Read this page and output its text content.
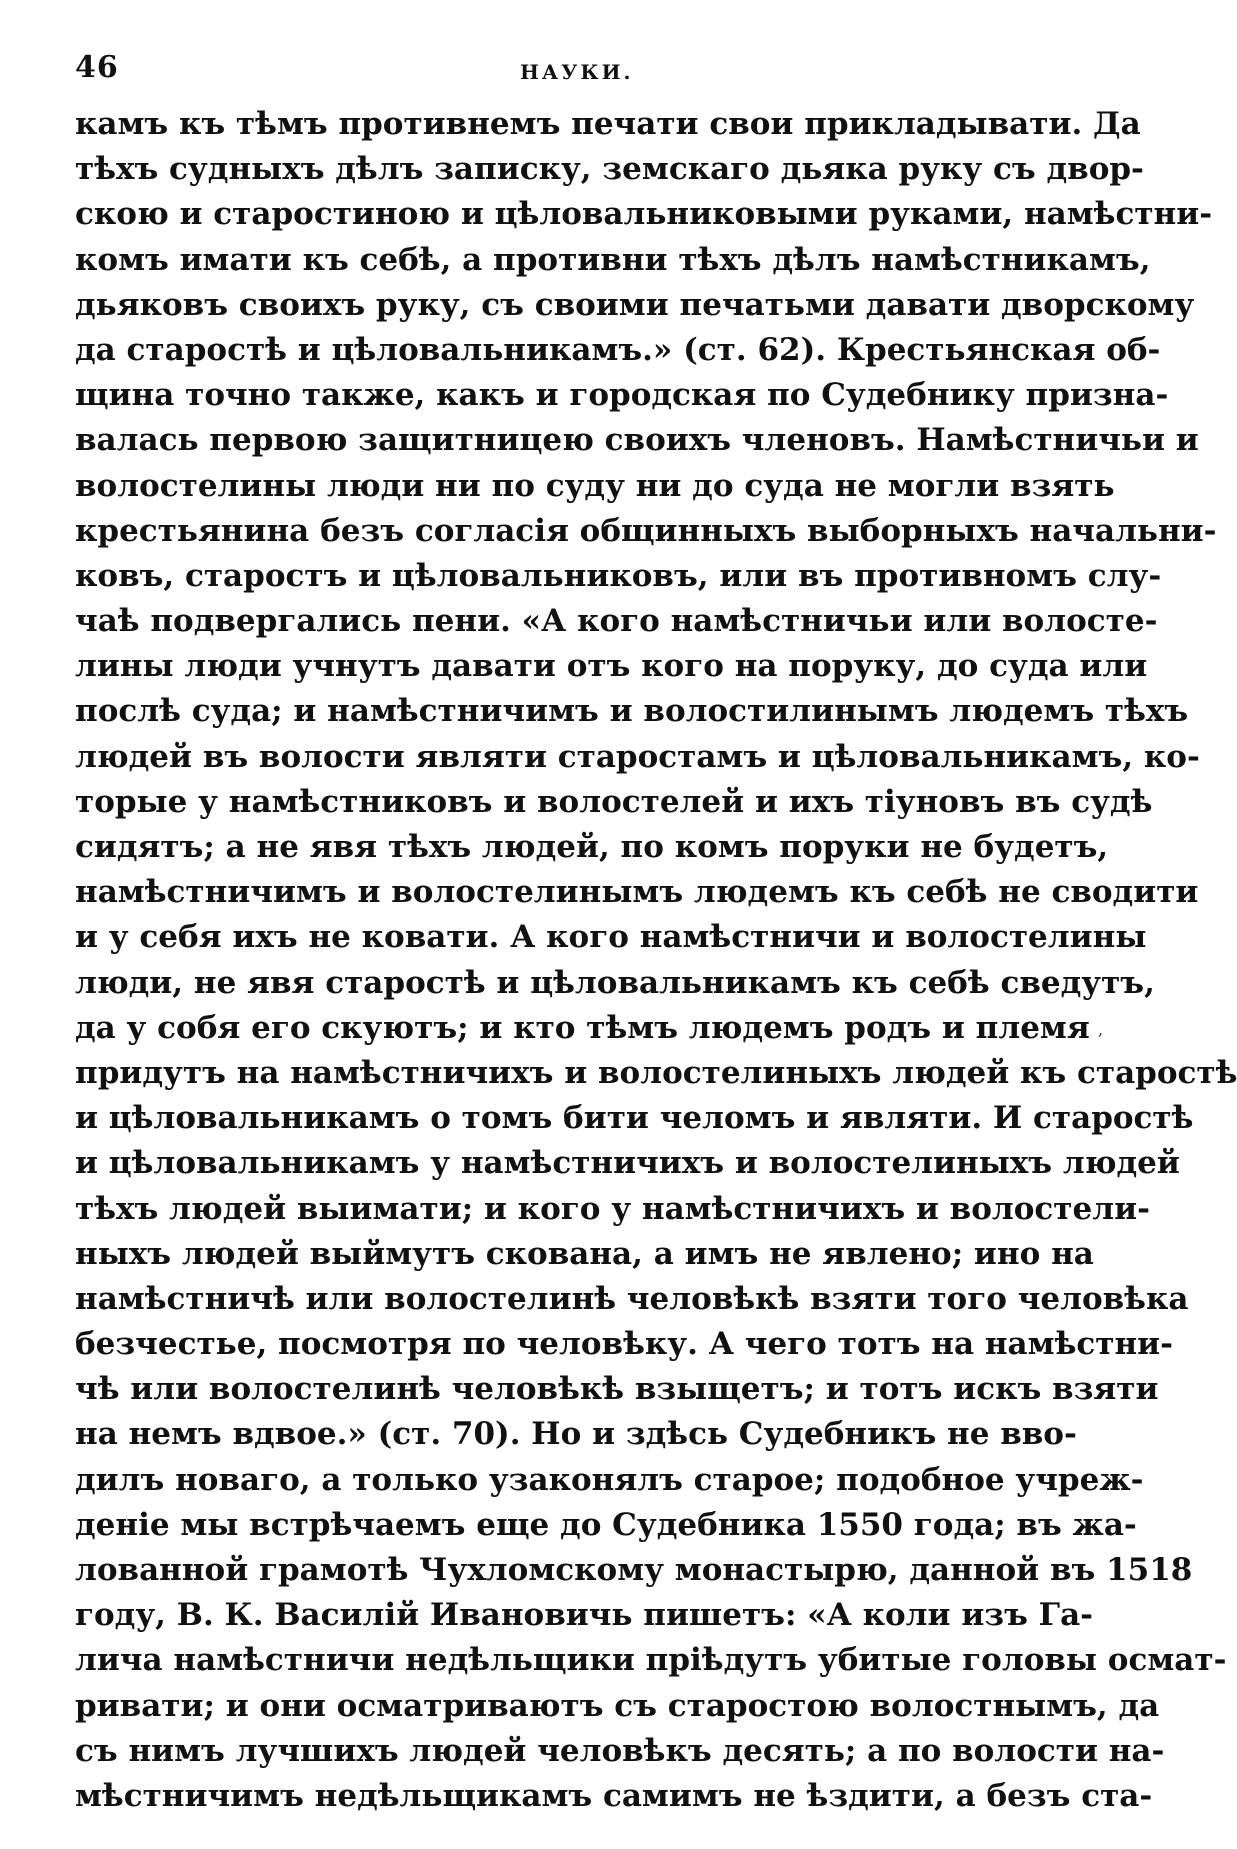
46	НАУКИ.
камъ къ тѣмъ противнемъ печати свои прикладывати. Да
тѣхъ судныхъ дѣлъ записку, земскаго дьяка руку съ двор-
скою и старостиною и цѣловальниковыми руками, намѣстни-
комъ имати къ себѣ, а противни тѣхъ дѣлъ намѣстникамъ,
дьяковъ своихъ руку, съ своими печатьми давати дворскому
да старостѣ и цѣловальникамъ.» (ст. 62). Крестьянская об-
щина точно также, какъ и городская по Судебнику призна-
валась первою защитницею своихъ членовъ. Намѣстничьи и
волостелины люди ни по суду ни до суда не могли взять
крестьянина безъ согласія общинныхъ выборныхъ начальни-
ковъ, старостъ и цѣловальниковъ, или въ противномъ слу-
чаѣ подвергались пени. «А кого намѣстничьи или волосте-
лины люди учнутъ давати отъ кого на поруку, до суда или
послѣ суда; и намѣстничимъ и волостилинымъ людемъ тѣхъ
людей въ волости являти старостамъ и цѣловальникамъ, ко-
торые у намѣстниковъ и волостелей и ихъ тіуновъ въ судѣ
сидятъ; а не явя тѣхъ людей, по комъ поруки не будетъ,
намѣстничимъ и волостелинымъ людемъ къ себѣ не сводити
и у себя ихъ не ковати. А кого намѣстничи и волостелины
люди, не явя старостѣ и цѣловальникамъ къ себѣ сведутъ,
да у собя его скуютъ; и кто тѣмъ людемъ родъ и племя
придутъ на намѣстничихъ и волостелиныхъ людей къ старостѣ
и цѣловальникамъ о томъ бити челомъ и являти. И старостѣ
и цѣловальникамъ у намѣстничихъ и волостелиныхъ людей
тѣхъ людей выимати; и кого у намѣстничихъ и волостели-
ныхъ людей выймутъ скована, а имъ не явлено; ино на
намѣстничѣ или волостелинѣ человѣкѣ взяти того человѣка
безчестье, посмотря по человѣку. А чего тотъ на намѣстни-
чѣ или волостелинѣ человѣкѣ взыщетъ; и тотъ искъ взяти
на немъ вдвое.» (ст. 70). Но и здѣсь Судебникъ не вво-
дилъ новаго, а только узаконялъ старое; подобное учреж-
деніе мы встрѣчаемъ еще до Судебника 1550 года; въ жа-
лованной грамотѣ Чухломскому монастырю, данной въ 1518
году, В. К. Василій Ивановичь пишетъ: «А коли изъ Га-
лича намѣстничи недѣльщики пріѣдутъ убитые головы осмат-
ривати; и они осматриваютъ съ старостою волостнымъ, да
съ нимъ лучшихъ людей человѣкъ десять; а по волости на-
мѣстничимъ недѣльщикамъ самимъ не ѣздити, а безъ ста-
,
